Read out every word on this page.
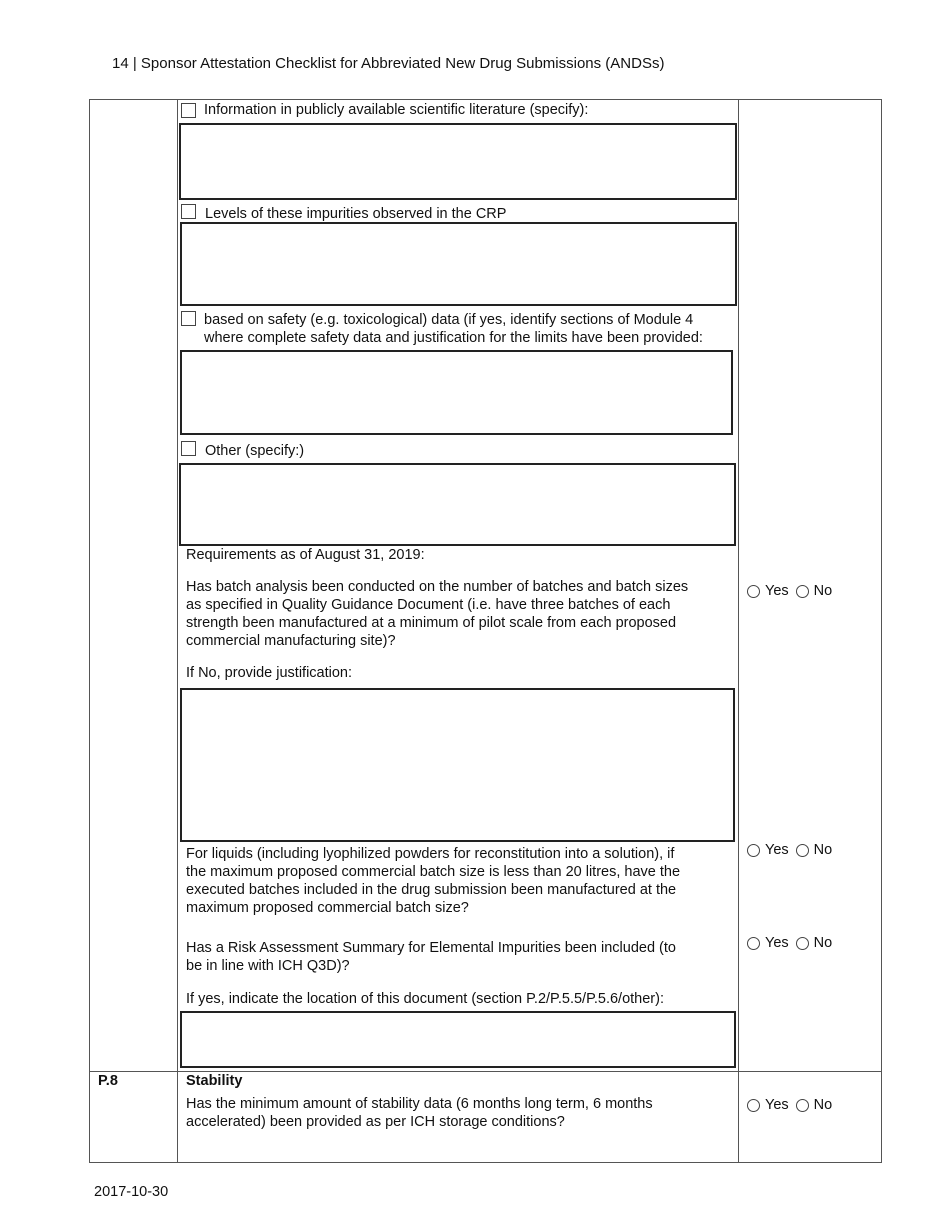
14 | Sponsor Attestation Checklist for Abbreviated New Drug Submissions (ANDSs)
Information in publicly available scientific literature (specify):
Levels of these impurities observed in the CRP
based on safety (e.g. toxicological) data (if yes, identify sections of Module 4
where complete safety data and justification for the limits have been provided:
Other (specify:)
Requirements as of August 31, 2019:
Has batch analysis been conducted on the number of batches and batch sizes
as specified in Quality Guidance Document (i.e. have three batches of each
strength been manufactured at a minimum of pilot scale from each proposed
commercial manufacturing site)?
Yes No
If No, provide justification:
For liquids (including lyophilized powders for reconstitution into a solution), if
the maximum proposed commercial batch size is less than 20 litres, have the
executed batches included in the drug submission been manufactured at the
maximum proposed commercial batch size?
Yes No
Has a Risk Assessment Summary for Elemental Impurities been included (to
be in line with ICH Q3D)?
Yes No
If yes, indicate the location of this document (section P.2/P.5.5/P.5.6/other):
P.8	Stability
Has the minimum amount of stability data (6 months long term, 6 months
accelerated) been provided as per ICH storage conditions?
Yes No
2017-10-30
